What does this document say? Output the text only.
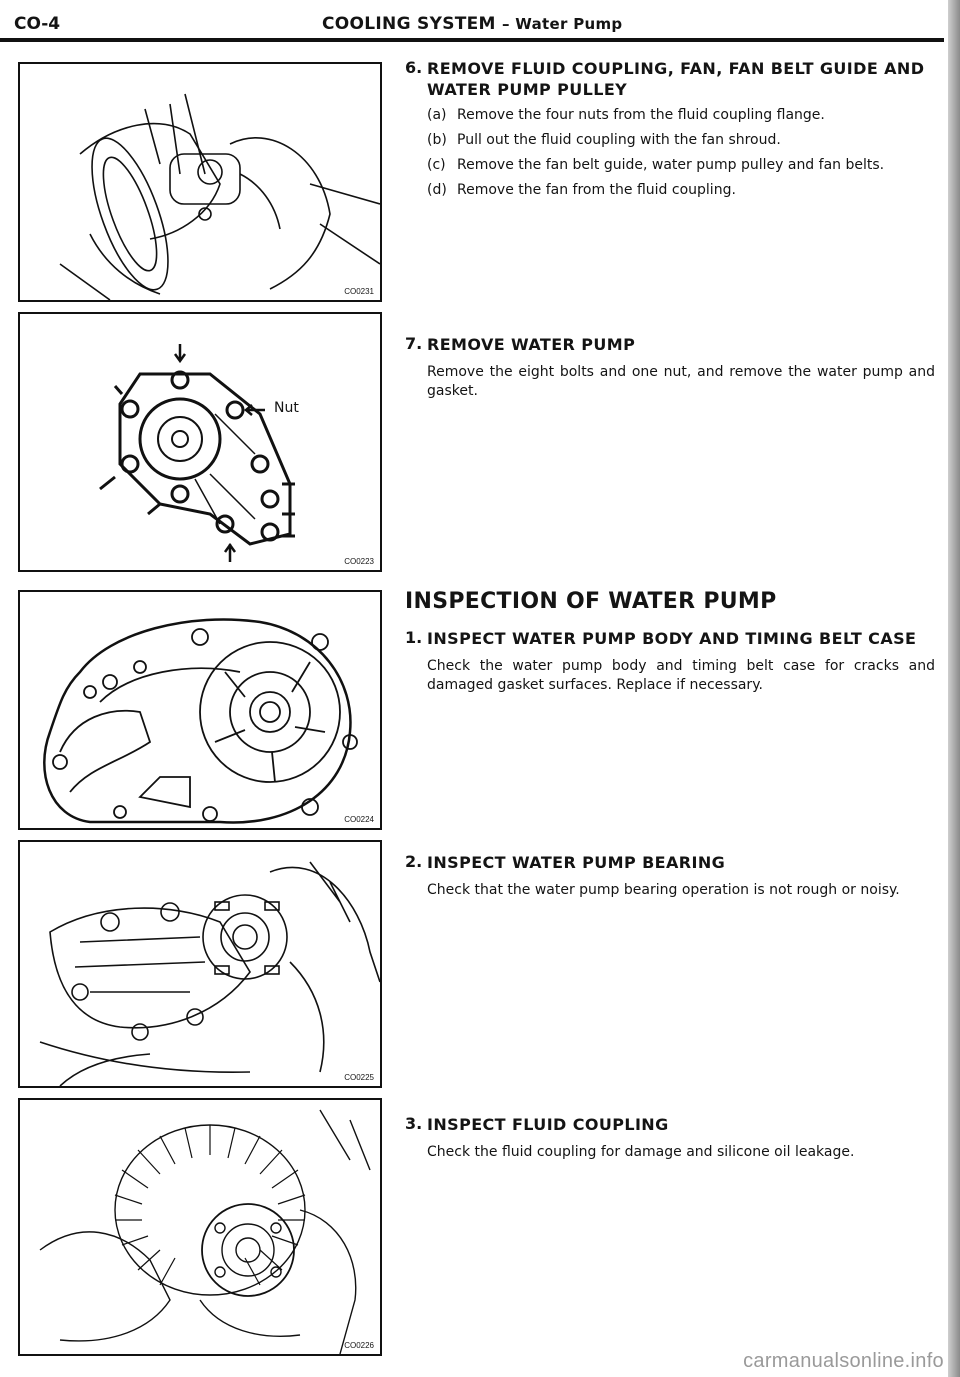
CO-4	COOLING SYSTEM – Water Pump
CO0231
Nut
CO0223
CO0224
CO0225
CO0226
6. REMOVE FLUID COUPLING, FAN, FAN BELT GUIDE AND WATER PUMP PULLEY
(a) Remove the four nuts from the fluid coupling flange.
(b) Pull out the fluid coupling with the fan shroud.
(c) Remove the fan belt guide, water pump pulley and fan belts.
(d) Remove the fan from the fluid coupling.
7. REMOVE WATER PUMP
Remove the eight bolts and one nut, and remove the water pump and gasket.
INSPECTION OF WATER PUMP
1. INSPECT WATER PUMP BODY AND TIMING BELT CASE
Check the water pump body and timing belt case for cracks and damaged gasket surfaces. Replace if necessary.
2. INSPECT WATER PUMP BEARING
Check that the water pump bearing operation is not rough or noisy.
3. INSPECT FLUID COUPLING
Check the fluid coupling for damage and silicone oil leakage.
carmanualsonline.info
